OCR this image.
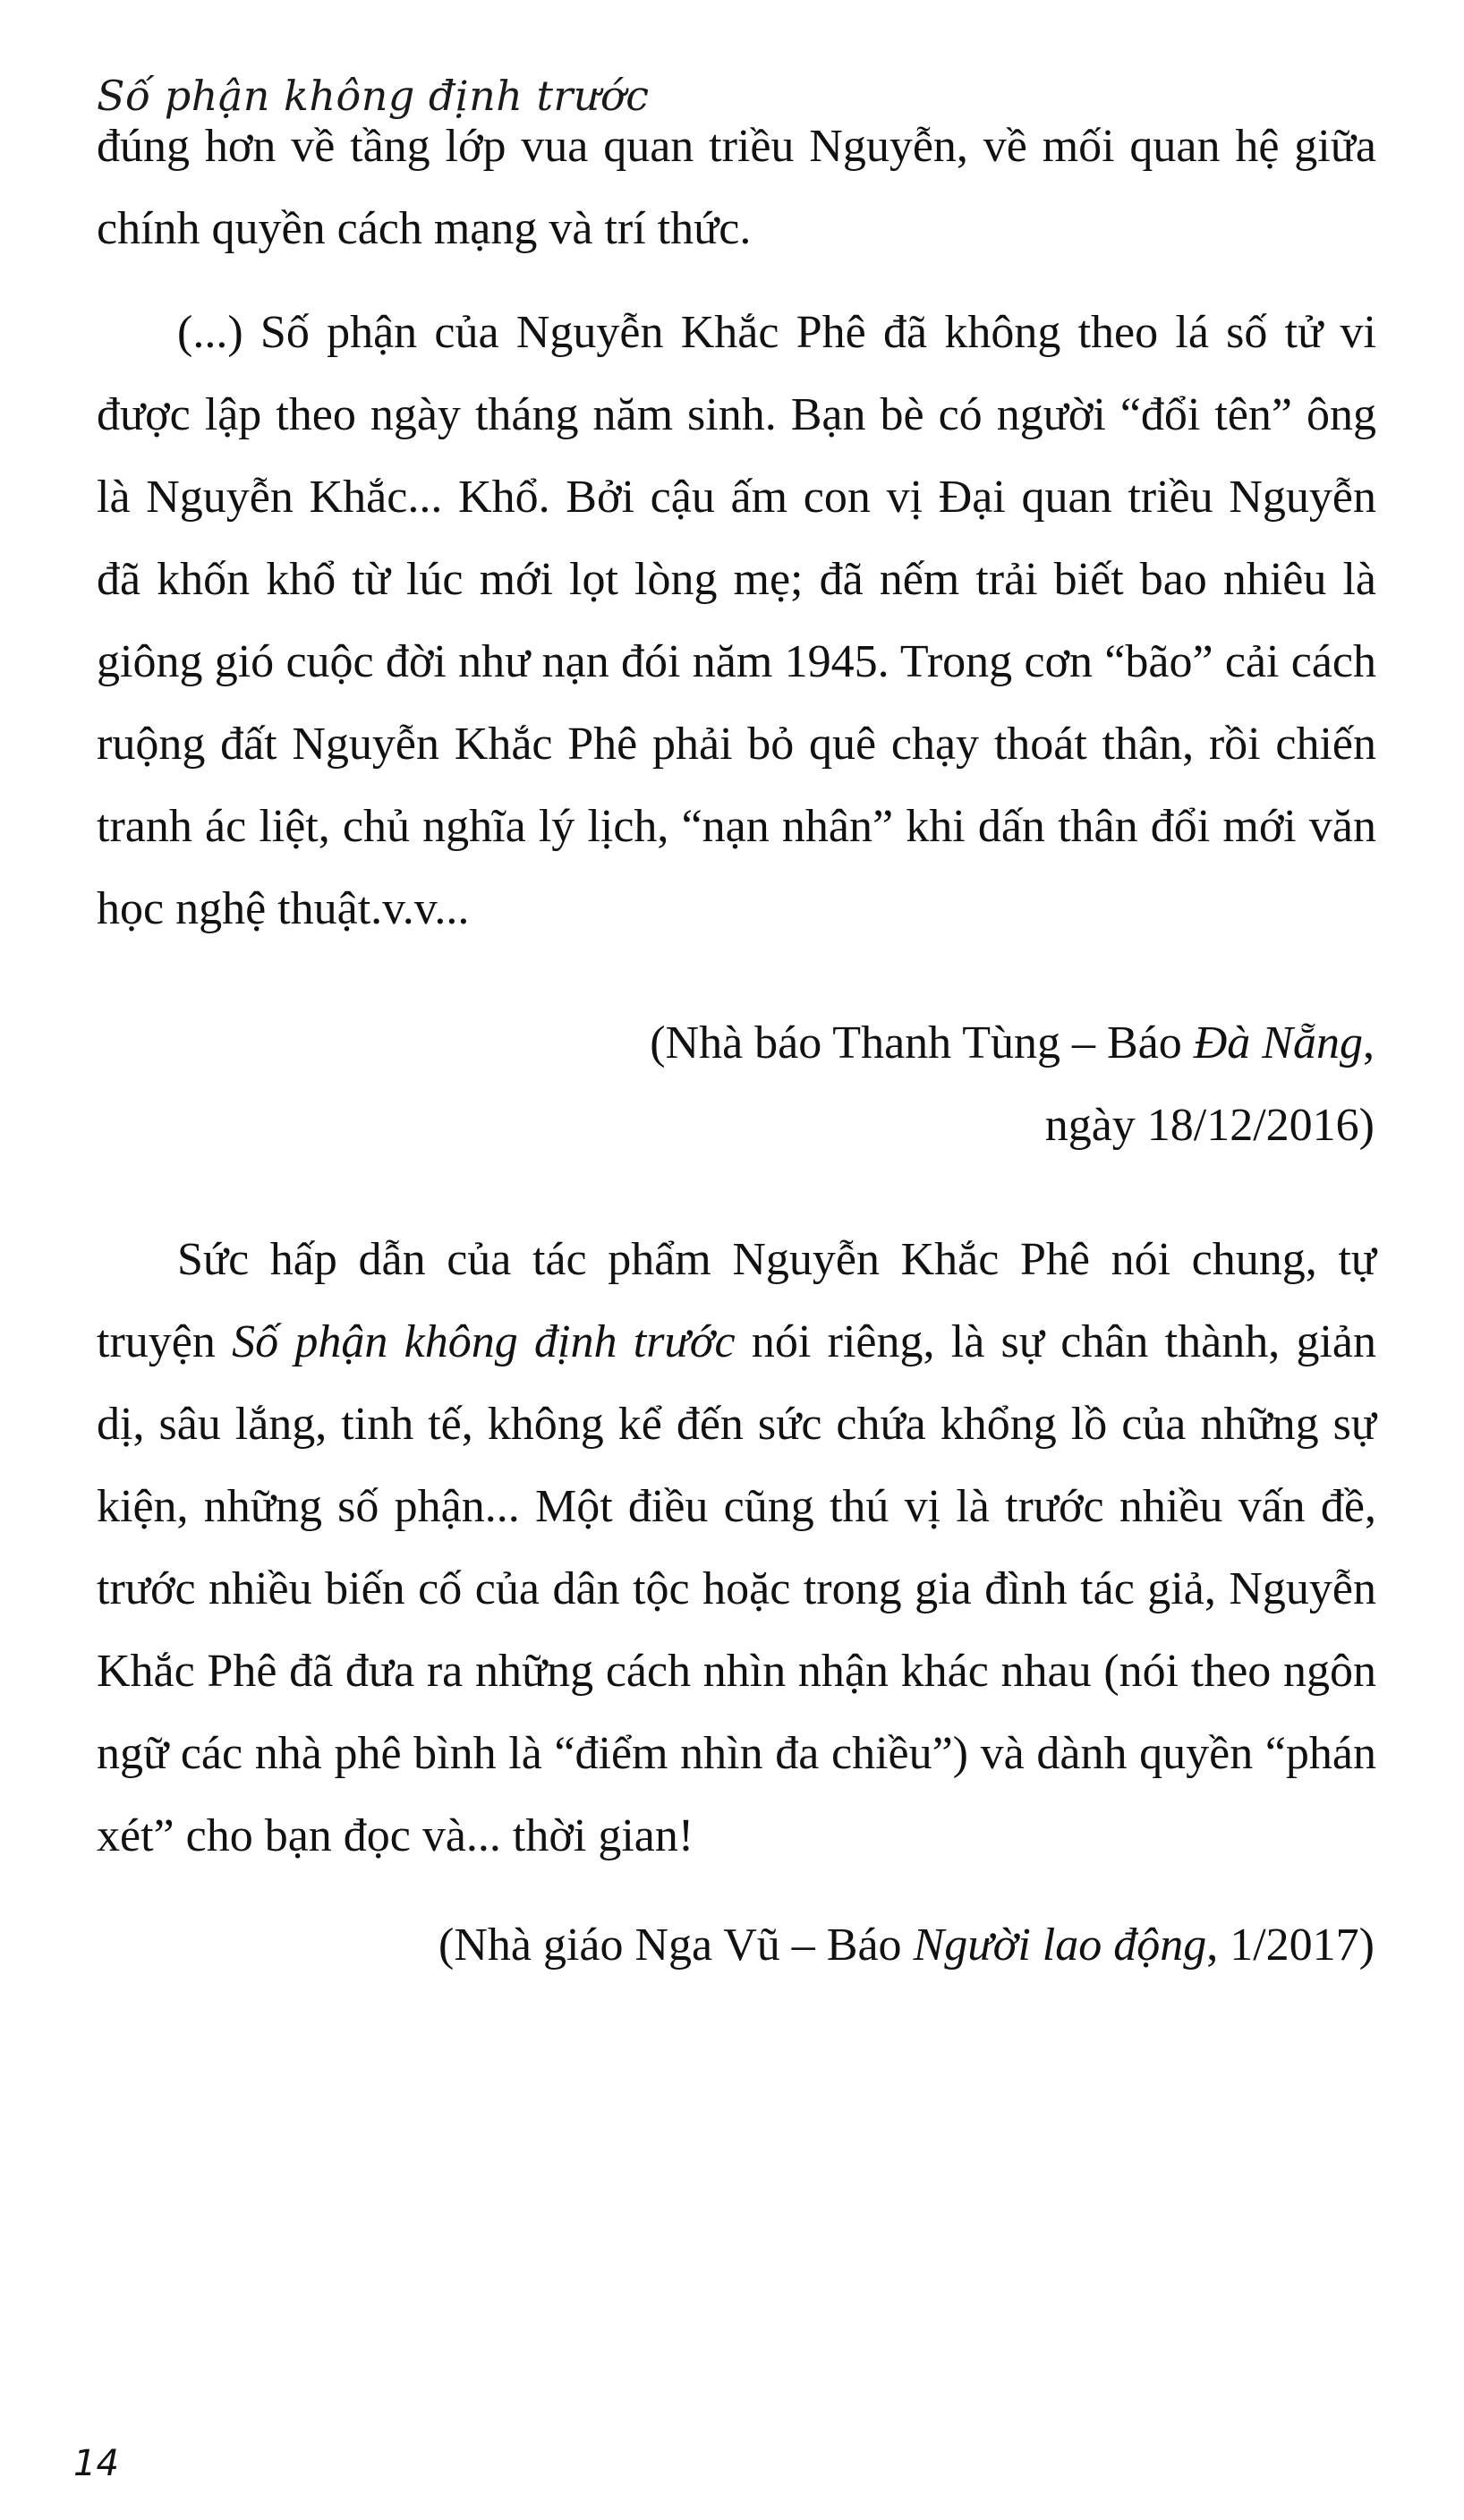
Số phận không định trước

đúng hơn về tầng lớp vua quan triều Nguyễn, về mối quan hệ giữa chính quyền cách mạng và trí thức.

(...) Số phận của Nguyễn Khắc Phê đã không theo lá số tử vi được lập theo ngày tháng năm sinh. Bạn bè có người “đổi tên” ông là Nguyễn Khắc... Khổ. Bởi cậu ấm con vị Đại quan triều Nguyễn đã khốn khổ từ lúc mới lọt lòng mẹ; đã nếm trải biết bao nhiêu là giông gió cuộc đời như nạn đói năm 1945. Trong cơn “bão” cải cách ruộng đất Nguyễn Khắc Phê phải bỏ quê chạy thoát thân, rồi chiến tranh ác liệt, chủ nghĩa lý lịch, “nạn nhân” khi dấn thân đổi mới văn học nghệ thuật.v.v...

(Nhà báo Thanh Tùng – Báo Đà Nẵng,
ngày 18/12/2016)

Sức hấp dẫn của tác phẩm Nguyễn Khắc Phê nói chung, tự truyện Số phận không định trước nói riêng, là sự chân thành, giản dị, sâu lắng, tinh tế, không kể đến sức chứa khổng lồ của những sự kiện, những số phận... Một điều cũng thú vị là trước nhiều vấn đề, trước nhiều biến cố của dân tộc hoặc trong gia đình tác giả, Nguyễn Khắc Phê đã đưa ra những cách nhìn nhận khác nhau (nói theo ngôn ngữ các nhà phê bình là “điểm nhìn đa chiều”) và dành quyền “phán xét” cho bạn đọc và... thời gian!

(Nhà giáo Nga Vũ – Báo Người lao động, 1/2017)
14
